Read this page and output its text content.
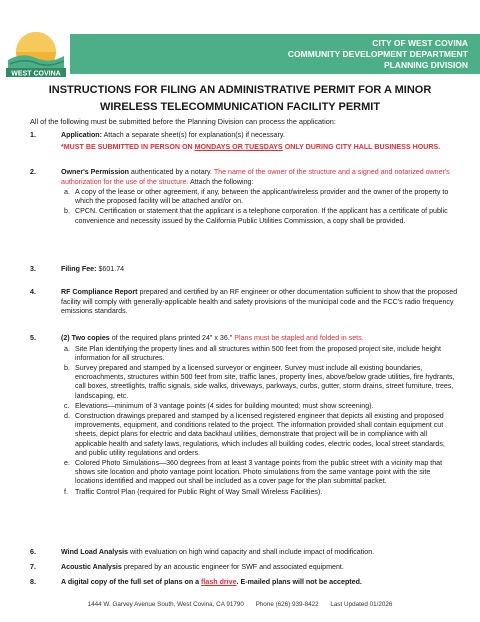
WEST COVINA
CITY OF WEST COVINA
COMMUNITY DEVELOPMENT DEPARTMENT
PLANNING DIVISION
INSTRUCTIONS FOR FILING AN ADMINISTRATIVE PERMIT FOR A MINOR
WIRELESS TELECOMMUNICATION FACILITY PERMIT
All of the following must be submitted before the Planning Division can process the application:
1.	Application: Attach a separate sheet(s) for explanation(s) if necessary.
*MUST BE SUBMITTED IN PERSON ON MONDAYS OR TUESDAYS ONLY DURING CITY HALL BUSINESS HOURS.
2.	Owner's Permission authenticated by a notary. The name of the owner of the structure and a signed and notarized owner's authorization for the use of the structure. Attach the following:
a. A copy of the lease or other agreement, if any, between the applicant/wireless provider and the owner of the property to which the proposed facility will be attached and/or on.
b. CPCN. Certification or statement that the applicant is a telephone corporation. If the applicant has a certificate of public convenience and necessity issued by the California Public Utilities Commission, a copy shall be provided.
3.	Filing Fee: $601.74
4.	RF Compliance Report prepared and certified by an RF engineer or other documentation sufficient to show that the proposed facility will comply with generally-applicable health and safety provisions of the municipal code and the FCC's radio frequency emissions standards.
5.	(2) Two copies of the required plans printed 24" x 36." Plans must be stapled and folded in sets.
a. Site Plan identifying the property lines and all structures within 500 feet from the proposed project site, include height information for all structures.
b. Survey prepared and stamped by a licensed surveyor or engineer. Survey must include all existing boundaries, encroachments, structures within 500 feet from site, traffic lanes, property lines, above/below grade utilities, fire hydrants, call boxes, streetlights, traffic signals, side walks, driveways, parkways, curbs, gutter, storm drains, street furniture, trees, landscaping, etc.
c. Elevations—minimum of 3 vantage points (4 sides for building mounted; must show screening).
d. Construction drawings prepared and stamped by a licensed registered engineer that depicts all existing and proposed improvements, equipment, and conditions related to the project. The information provided shall contain equipment cut sheets, depict plans for electric and data backhaul utilities, demonstrate that project will be in compliance with all applicable health and safety laws, regulations, which includes all building codes, electric codes, local street standards, and public utility regulations and orders.
e. Colored Photo Simulations—360 degrees from at least 3 vantage points from the public street with a vicinity map that shows site location and photo vantage point location. Photo simulations from the same vantage point with the site locations identified and mapped out shall be included as a cover page for the plan submittal packet.
f. Traffic Control Plan (required for Public Right of Way Small Wireless Facilities).
6.	Wind Load Analysis with evaluation on high wind capacity and shall include impact of modification.
7.	Acoustic Analysis prepared by an acoustic engineer for SWF and associated equipment.
8.	A digital copy of the full set of plans on a flash drive. E-mailed plans will not be accepted.
1444 W. Garvey Avenue South, West Covina, CA 91790 Phone (626) 939-8422 Last Updated 01/2026
